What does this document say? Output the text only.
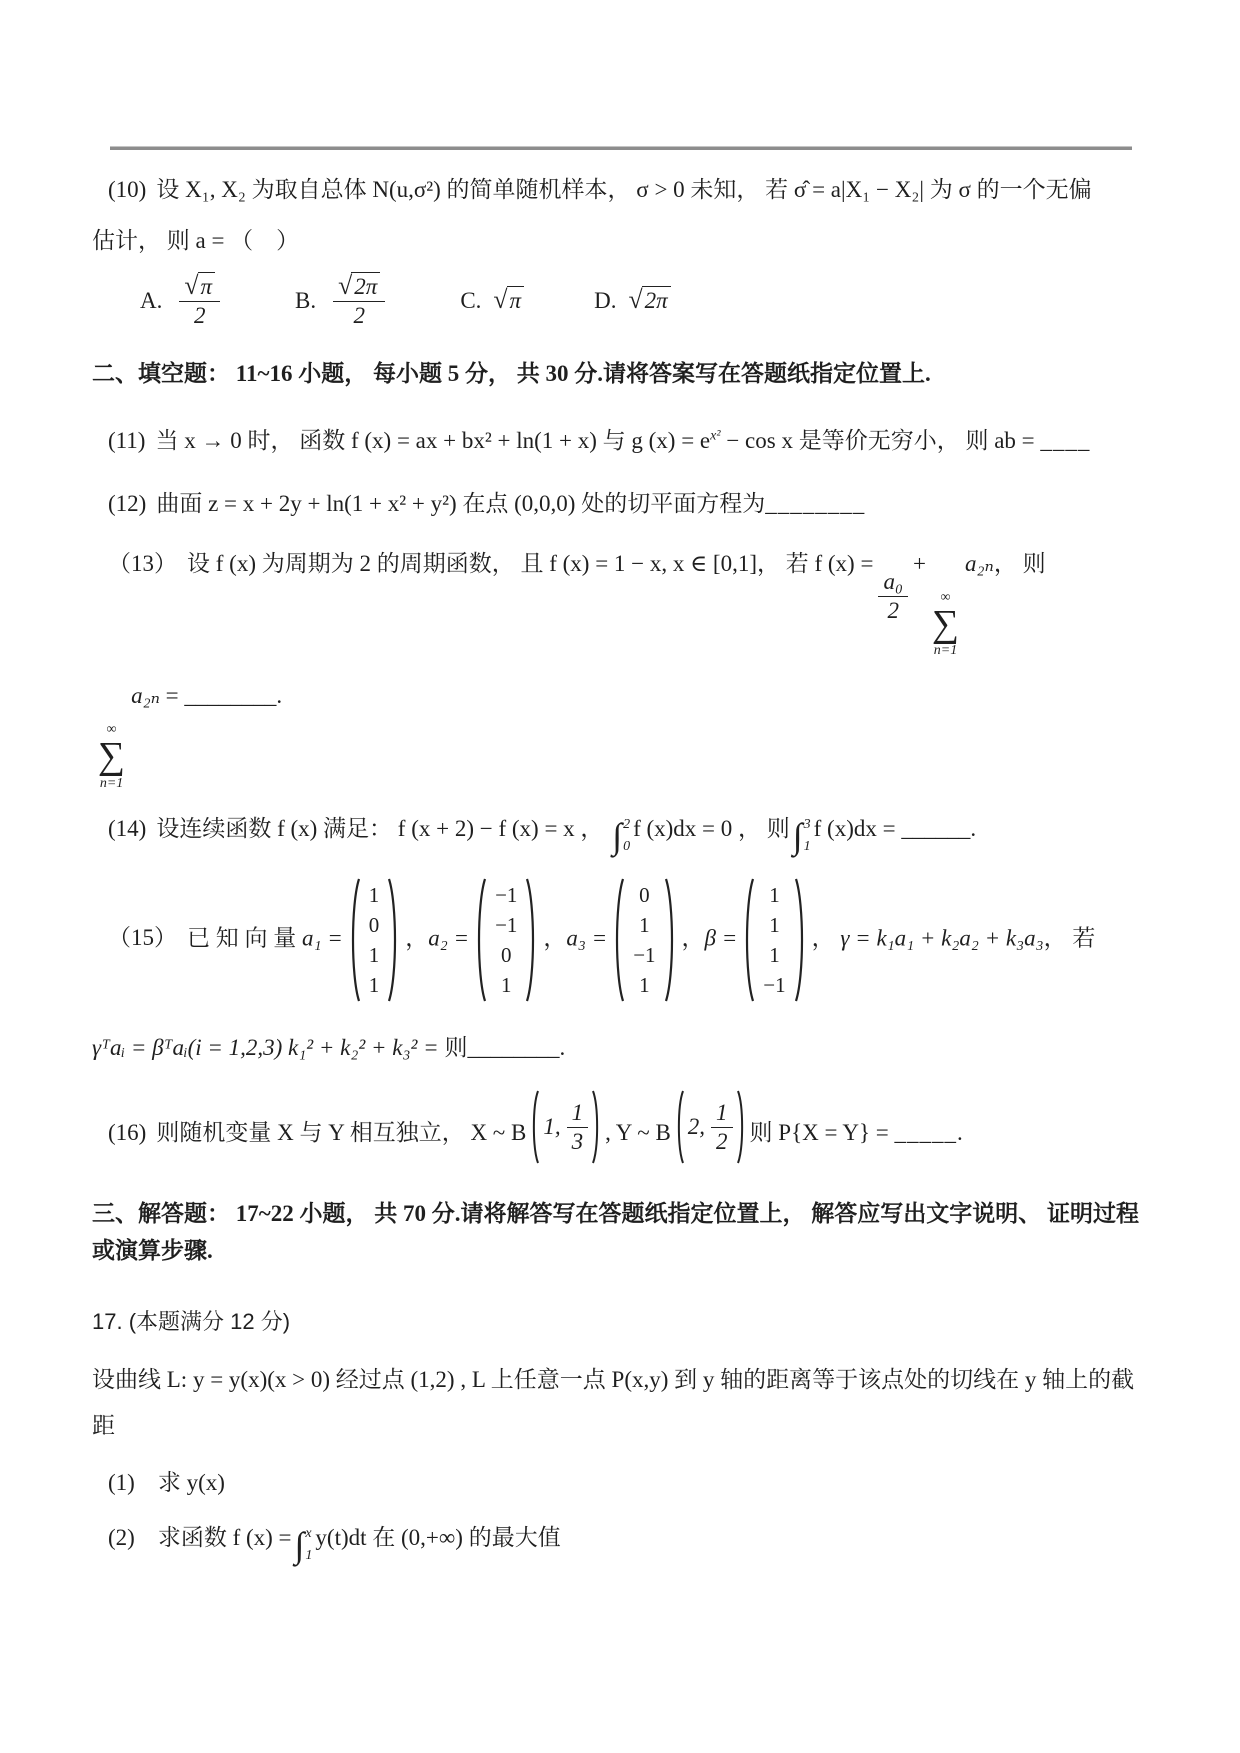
(10) 设 X₁, X₂ 为取自总体 N(u,σ²) 的简单随机样本， σ > 0 未知， 若 σ̂ = a|X₁ − X₂| 为 σ 的一个无偏

估计， 则 a = （　）

A. $\frac{√ \pi}{2}$	B. $\frac{√ 2\pi}{2}$	C. √ π	D. √ 2π

二、填空题： 11~16 小题， 每小题 5 分， 共 30 分.请将答案写在答题纸指定位置上.

(11) 当 x → 0 时， 函数 f (x) = ax + bx² + ln(1 + x) 与 g $(x) = e^{x^2} - \cos x$ 是等价无穷小， 则 ab = ____

(12) 曲面 z = x + 2y + ln(1 + x² + y²) 在点 (0,0,0) 处的切平面方程为________

（13） 设 f (x) 为周期为 2 的周期函数， 且 f (x) = 1 − x, x ∈ [0,1]， 若 f (x) =
$\frac{\text{a₀}}{2}$
+
∞
∑
n=1
a₂ₙ， 则

∞
∑
n=1
a₂ₙ = ________.

(14) 设连续函数 f (x) 满足： f (x + 2) − f (x) = x ， ∫ 2
0
f (x)dx = 0 ， 则 ∫ 3
1
f (x)dx = ______.

（15） 已 知 向 量 a₁ =
1
0
1
1
，a₂ =
−1
−1
0
1
，a₃ =
0
1
−1
1
，β =
1
1
1
−1
， γ = k₁a₁ + k₂a₂ + k₃a₃， 若

γᵀaᵢ = βᵀaᵢ(i = 1,2,3) k₁² + k₂² + k₃² = 则________.

(16) 则随机变量 X 与 Y 相互独立， X ~ B 1, $\frac{1}{3}$ , Y ~ B 2, $\frac{1}{2}$ 则 P{X = Y} = _____.

三、解答题： 17~22 小题， 共 70 分.请将解答写在答题纸指定位置上， 解答应写出文字说明、 证明过程或演算步骤.

17. (本题满分 12 分)

设曲线 L: y = y(x)(x > 0) 经过点 (1,2) , L 上任意一点 P(x,y) 到 y 轴的距离等于该点处的切线在 y 轴上的截距

(1)　求 y(x)

(2)　求函数 f (x) = ∫ x
1
y(t)dt 在 (0,+∞) 的最大值
